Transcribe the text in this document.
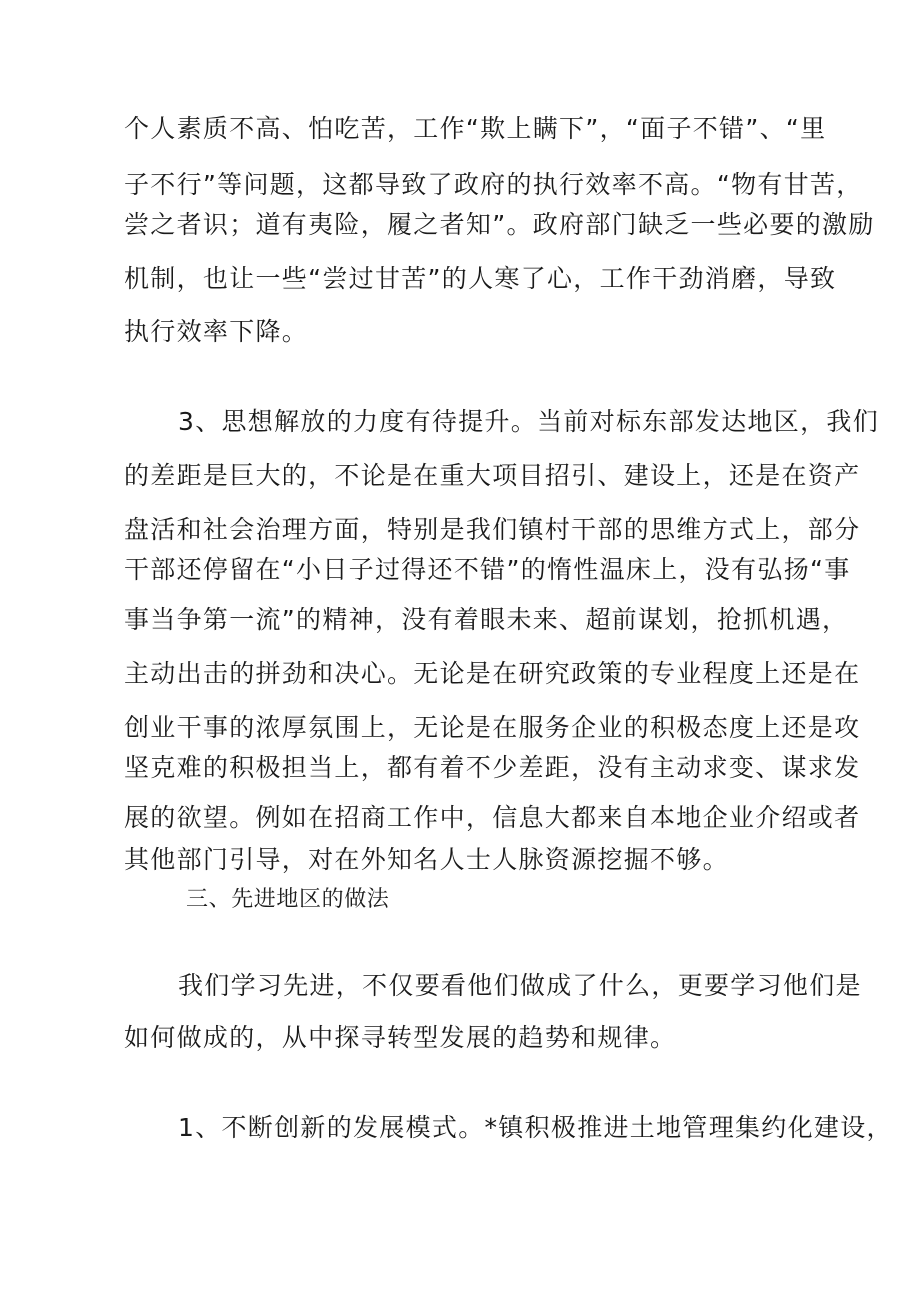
个人素质不高、怕吃苦，工作“欺上瞒下”，“面子不错”、“里
子不行”等问题，这都导致了政府的执行效率不高。“物有甘苦，
尝之者识；道有夷险，履之者知”。政府部门缺乏一些必要的激励
机制，也让一些“尝过甘苦”的人寒了心，工作干劲消磨，导致
执行效率下降。
3、思想解放的力度有待提升。当前对标东部发达地区，我们
的差距是巨大的，不论是在重大项目招引、建设上，还是在资产
盘活和社会治理方面，特别是我们镇村干部的思维方式上，部分
干部还停留在“小日子过得还不错”的惰性温床上，没有弘扬“事
事当争第一流”的精神，没有着眼未来、超前谋划，抢抓机遇，
主动出击的拼劲和决心。无论是在研究政策的专业程度上还是在
创业干事的浓厚氛围上，无论是在服务企业的积极态度上还是攻
坚克难的积极担当上，都有着不少差距，没有主动求变、谋求发
展的欲望。例如在招商工作中，信息大都来自本地企业介绍或者
其他部门引导，对在外知名人士人脉资源挖掘不够。
三、先进地区的做法
我们学习先进，不仅要看他们做成了什么，更要学习他们是
如何做成的，从中探寻转型发展的趋势和规律。
1、不断创新的发展模式。*镇积极推进土地管理集约化建设，
